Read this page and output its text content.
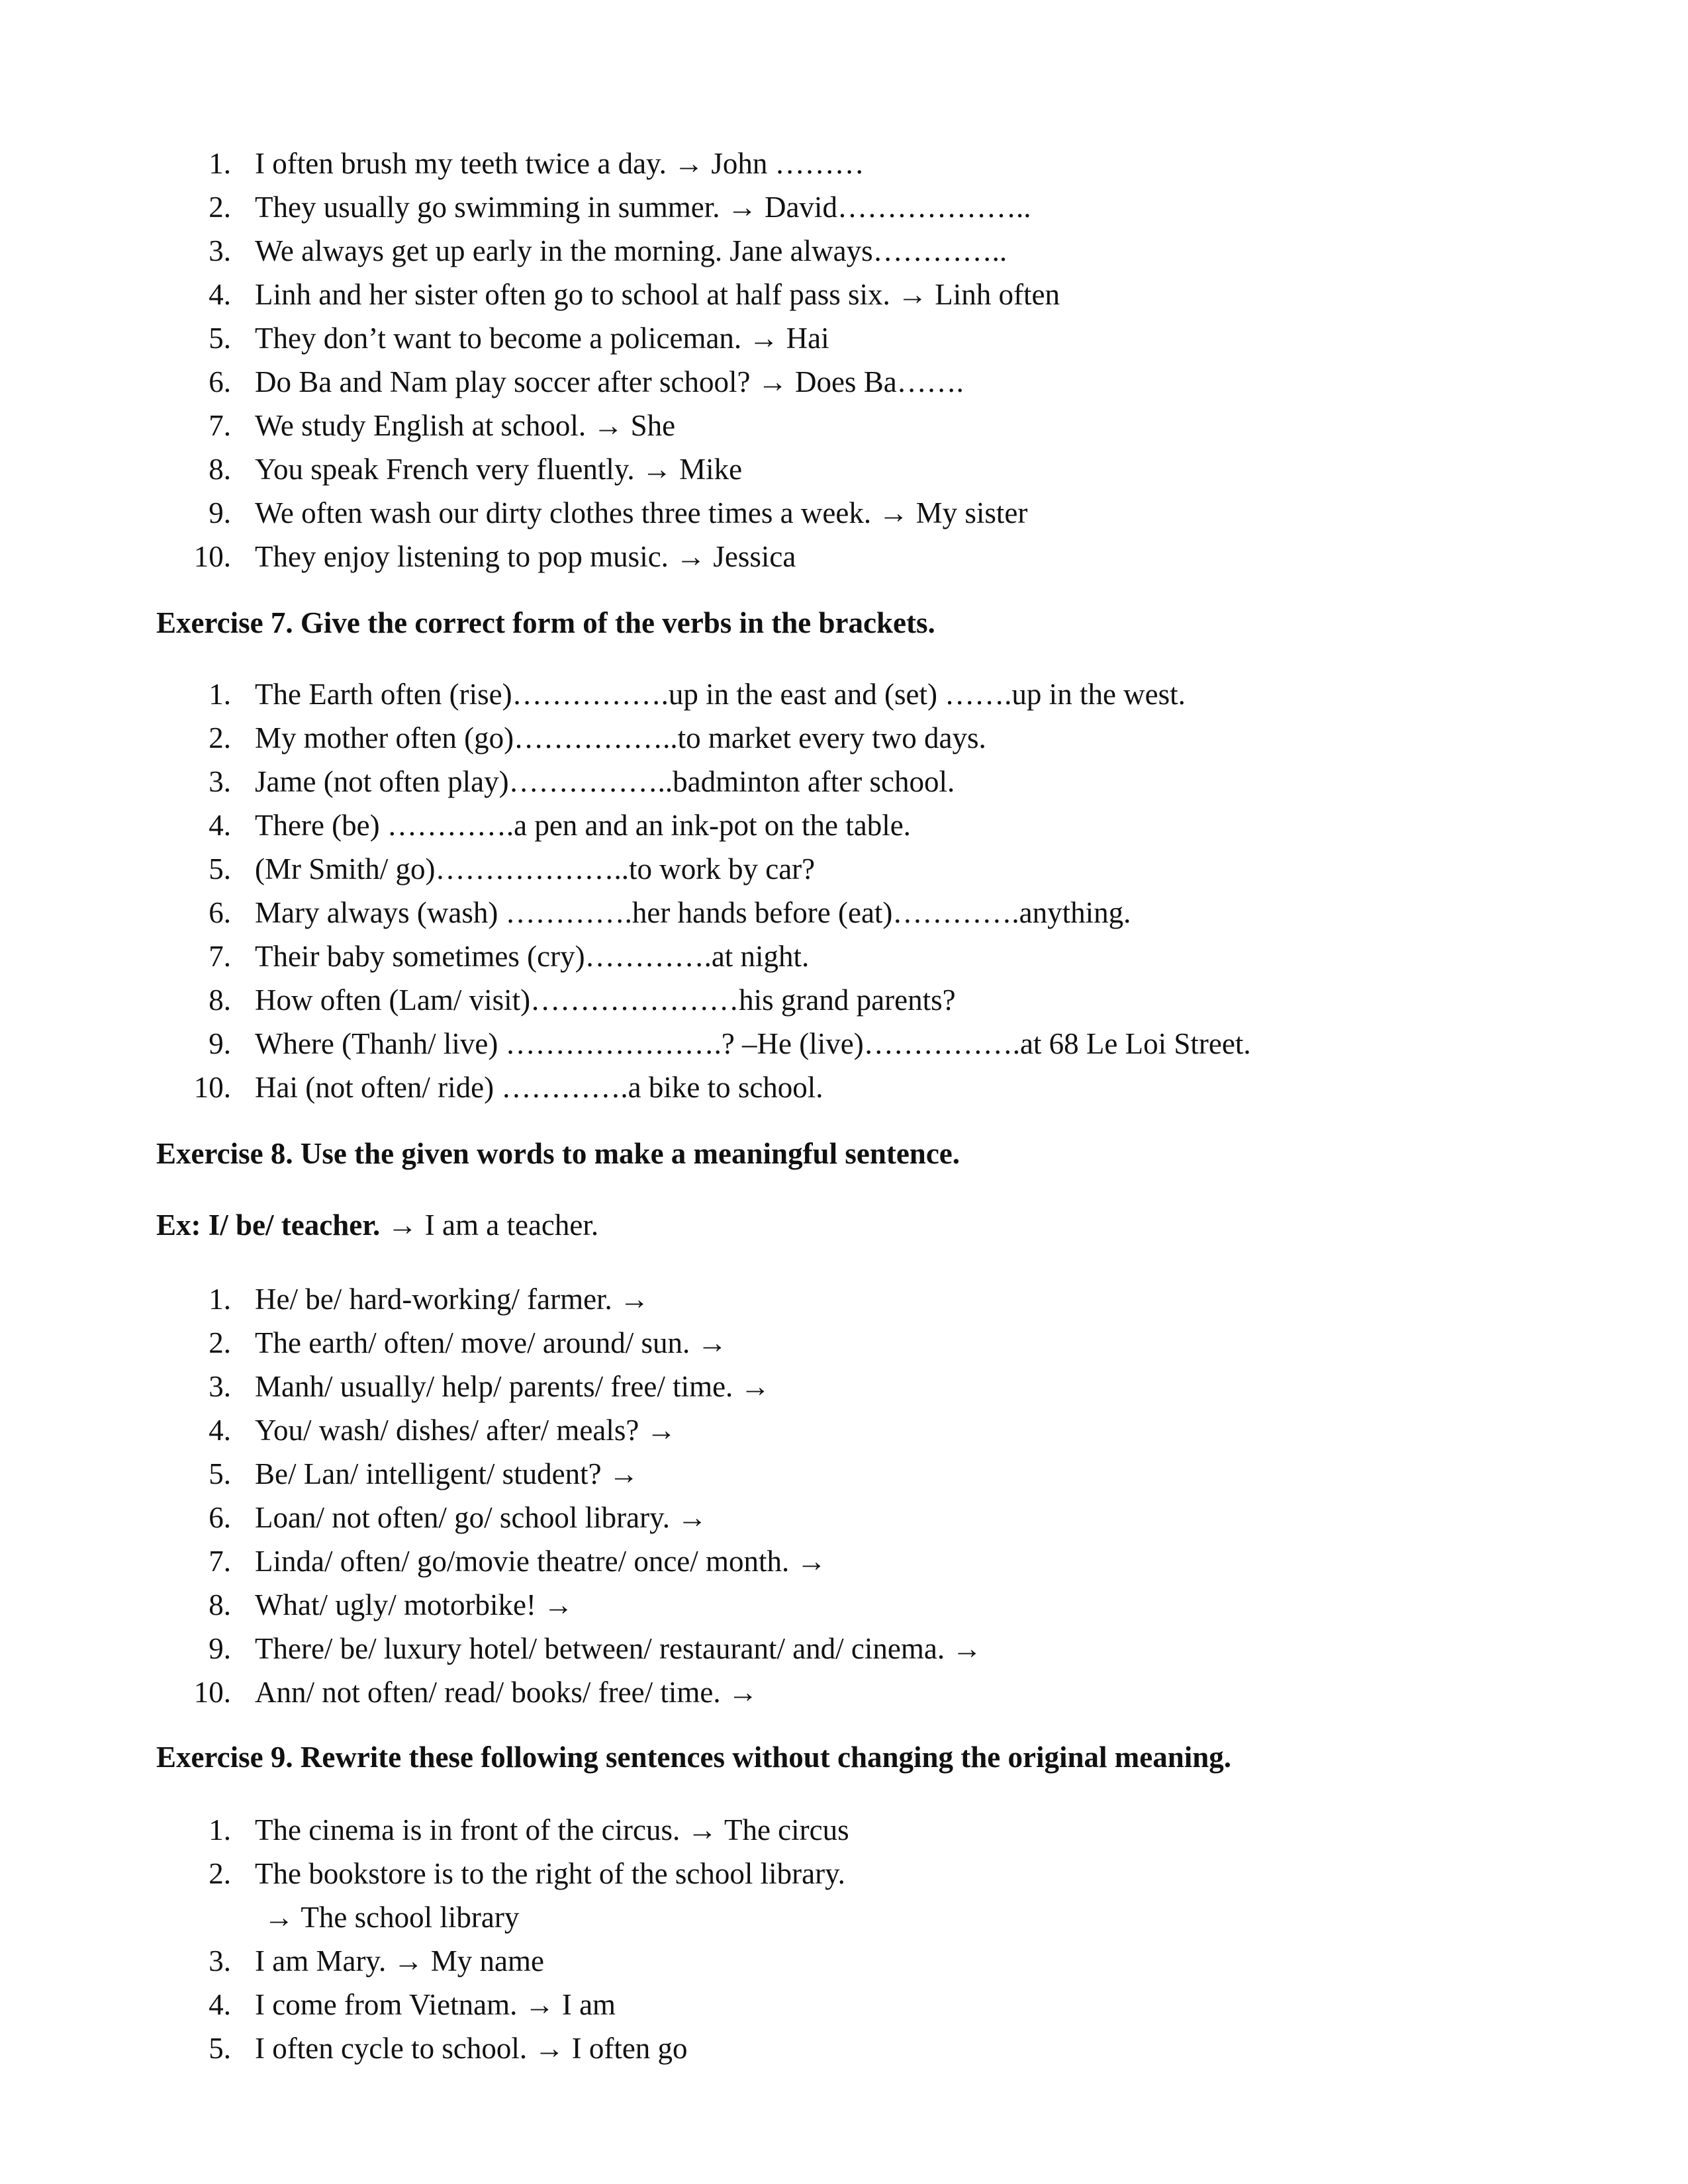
1. I often brush my teeth twice a day. → John ………
2. They usually go swimming in summer. → David………………..
3. We always get up early in the morning. Jane always…………..
4. Linh and her sister often go to school at half pass six. → Linh often
5. They don’t want to become a policeman. → Hai
6. Do Ba and Nam play soccer after school? → Does Ba…….
7. We study English at school. → She
8. You speak French very fluently. → Mike
9. We often wash our dirty clothes three times a week. → My sister
10. They enjoy listening to pop music. → Jessica
Exercise 7. Give the correct form of the verbs in the brackets.
1. The Earth often (rise)…………….up in the east and (set) …….up in the west.
2. My mother often (go)……………..to market every two days.
3. Jame (not often play)……………..badminton after school.
4. There (be) ………….a pen and an ink-pot on the table.
5. (Mr Smith/ go)………………..to work by car?
6. Mary always (wash) ………….her hands before (eat)………….anything.
7. Their baby sometimes (cry)………….at night.
8. How often (Lam/ visit)…………………his grand parents?
9. Where (Thanh/ live) ………………….? –He (live)…………….at 68 Le Loi Street.
10. Hai (not often/ ride) ………….a bike to school.
Exercise 8. Use the given words to make a meaningful sentence.
Ex: I/ be/ teacher. → I am a teacher.
1. He/ be/ hard-working/ farmer. →
2. The earth/ often/ move/ around/ sun. →
3. Manh/ usually/ help/ parents/ free/ time. →
4. You/ wash/ dishes/ after/ meals? →
5. Be/ Lan/ intelligent/ student? →
6. Loan/ not often/ go/ school library. →
7. Linda/ often/ go/movie theatre/ once/ month. →
8. What/ ugly/ motorbike! →
9. There/ be/ luxury hotel/ between/ restaurant/ and/ cinema. →
10. Ann/ not often/ read/ books/ free/ time. →
Exercise 9. Rewrite these following sentences without changing the original meaning.
1. The cinema is in front of the circus. → The circus
2. The bookstore is to the right of the school library.
→ The school library
3. I am Mary. → My name
4. I come from Vietnam. → I am
5. I often cycle to school. → I often go
